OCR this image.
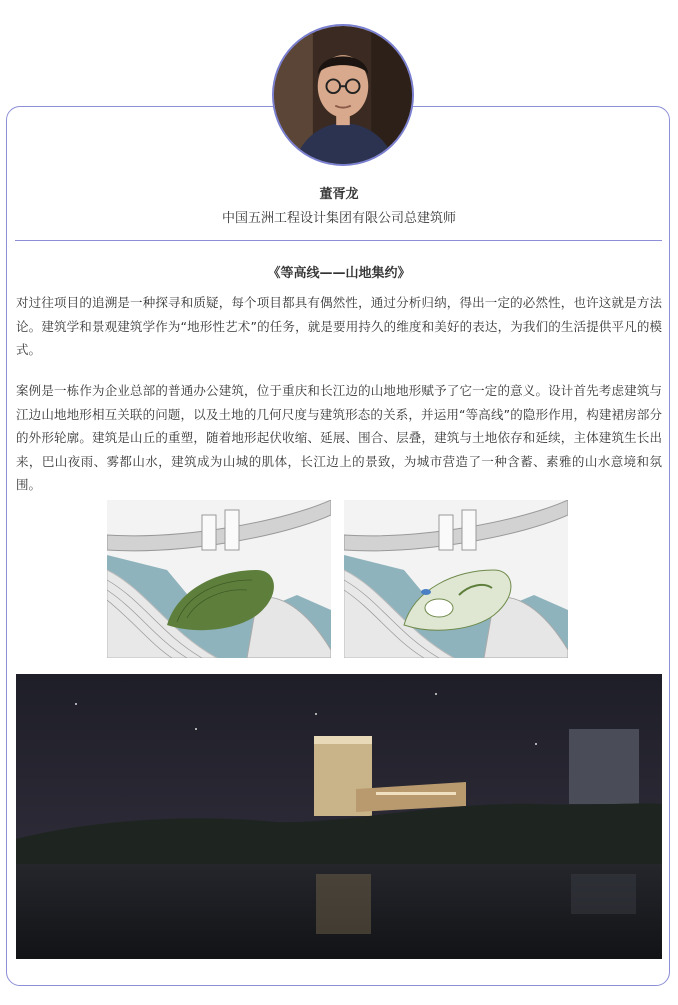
董胥龙
中国五洲工程设计集团有限公司总建筑师
《等高线——山地集约》

对过往项目的追溯是一种探寻和质疑，每个项目都具有偶然性，通过分析归纳，得出一定的必然性，也许这就是方法论。建筑学和景观建筑学作为“地形性艺术”的任务，就是要用持久的维度和美好的表达，为我们的生活提供平凡的模式。

案例是一栋作为企业总部的普通办公建筑，位于重庆和长江边的山地地形赋予了它一定的意义。设计首先考虑建筑与江边山地地形相互关联的问题，以及土地的几何尺度与建筑形态的关系，并运用“等高线”的隐形作用，构建裙房部分的外形轮廓。建筑是山丘的重塑，随着地形起伏收缩、延展、围合、层叠，建筑与土地依存和延续，主体建筑生长出来，巴山夜雨、雾都山水，建筑成为山城的肌体，长江边上的景致，为城市营造了一种含蓄、素雅的山水意境和氛围。
